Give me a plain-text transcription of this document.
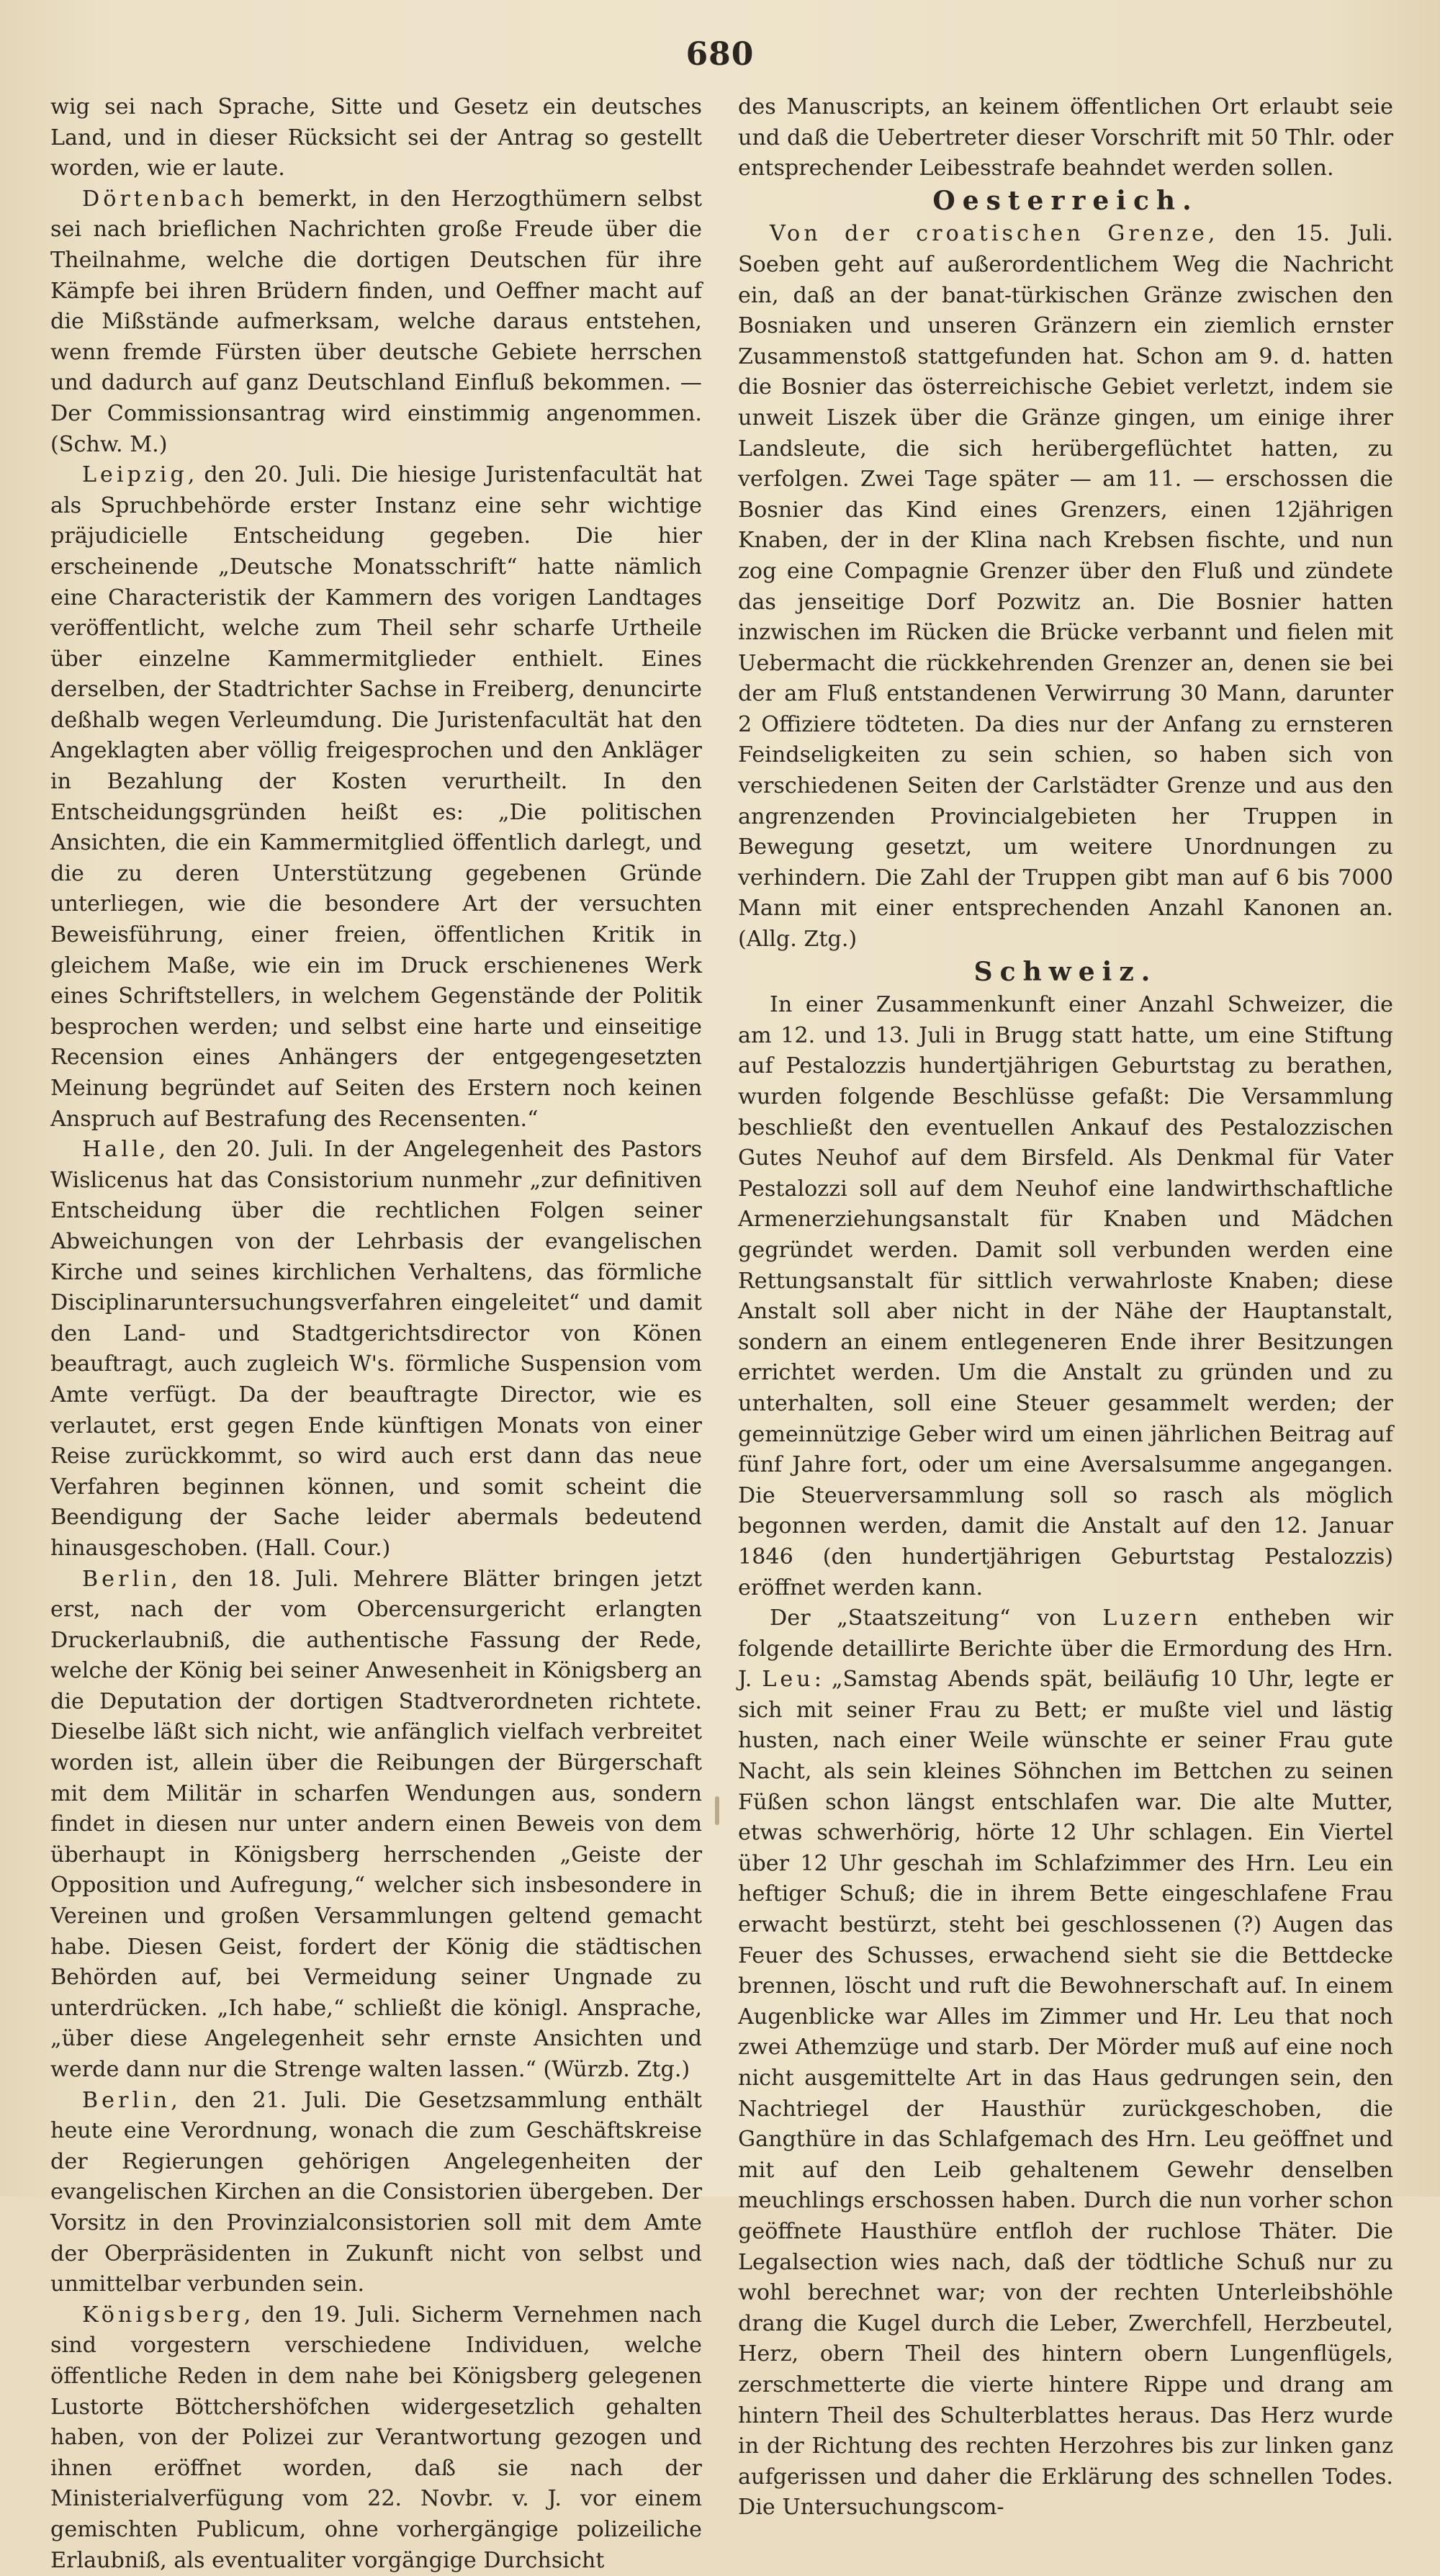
680

wig sei nach Sprache, Sitte und Gesetz ein deutsches Land, und in dieser Rücksicht sei der Antrag so gestellt worden, wie er laute.

Dörtenbach bemerkt, in den Herzogthümern selbst sei nach brieflichen Nachrichten große Freude über die Theilnahme, welche die dortigen Deutschen für ihre Kämpfe bei ihren Brüdern finden, und Oeffner macht auf die Mißstände aufmerksam, welche daraus entstehen, wenn fremde Fürsten über deutsche Gebiete herrschen und dadurch auf ganz Deutschland Einfluß bekommen. — Der Commissionsantrag wird einstimmig angenommen. (Schw. M.)

Leipzig, den 20. Juli. Die hiesige Juristenfacultät hat als Spruchbehörde erster Instanz eine sehr wichtige präjudicielle Entscheidung gegeben. Die hier erscheinende „Deutsche Monatsschrift“ hatte nämlich eine Characteristik der Kammern des vorigen Landtages veröffentlicht, welche zum Theil sehr scharfe Urtheile über einzelne Kammermitglieder enthielt. Eines derselben, der Stadtrichter Sachse in Freiberg, denuncirte deßhalb wegen Verleumdung. Die Juristenfacultät hat den Angeklagten aber völlig freigesprochen und den Ankläger in Bezahlung der Kosten verurtheilt. In den Entscheidungsgründen heißt es: „Die politischen Ansichten, die ein Kammermitglied öffentlich darlegt, und die zu deren Unterstützung gegebenen Gründe unterliegen, wie die besondere Art der versuchten Beweisführung, einer freien, öffentlichen Kritik in gleichem Maße, wie ein im Druck erschienenes Werk eines Schriftstellers, in welchem Gegenstände der Politik besprochen werden; und selbst eine harte und einseitige Recension eines Anhängers der entgegengesetzten Meinung begründet auf Seiten des Erstern noch keinen Anspruch auf Bestrafung des Recensenten.“

Halle, den 20. Juli. In der Angelegenheit des Pastors Wislicenus hat das Consistorium nunmehr „zur definitiven Entscheidung über die rechtlichen Folgen seiner Abweichungen von der Lehrbasis der evangelischen Kirche und seines kirchlichen Verhaltens, das förmliche Disciplinaruntersuchungsverfahren eingeleitet“ und damit den Land- und Stadtgerichtsdirector von Könen beauftragt, auch zugleich W's. förmliche Suspension vom Amte verfügt. Da der beauftragte Director, wie es verlautet, erst gegen Ende künftigen Monats von einer Reise zurückkommt, so wird auch erst dann das neue Verfahren beginnen können, und somit scheint die Beendigung der Sache leider abermals bedeutend hinausgeschoben. (Hall. Cour.)

Berlin, den 18. Juli. Mehrere Blätter bringen jetzt erst, nach der vom Obercensurgericht erlangten Druckerlaubniß, die authentische Fassung der Rede, welche der König bei seiner Anwesenheit in Königsberg an die Deputation der dortigen Stadtverordneten richtete. Dieselbe läßt sich nicht, wie anfänglich vielfach verbreitet worden ist, allein über die Reibungen der Bürgerschaft mit dem Militär in scharfen Wendungen aus, sondern findet in diesen nur unter andern einen Beweis von dem überhaupt in Königsberg herrschenden „Geiste der Opposition und Aufregung,“ welcher sich insbesondere in Vereinen und großen Versammlungen geltend gemacht habe. Diesen Geist, fordert der König die städtischen Behörden auf, bei Vermeidung seiner Ungnade zu unterdrücken. „Ich habe,“ schließt die königl. Ansprache, „über diese Angelegenheit sehr ernste Ansichten und werde dann nur die Strenge walten lassen.“ (Würzb. Ztg.)

Berlin, den 21. Juli. Die Gesetzsammlung enthält heute eine Verordnung, wonach die zum Geschäftskreise der Regierungen gehörigen Angelegenheiten der evangelischen Kirchen an die Consistorien übergeben. Der Vorsitz in den Provinzialconsistorien soll mit dem Amte der Oberpräsidenten in Zukunft nicht von selbst und unmittelbar verbunden sein.

Königsberg, den 19. Juli. Sicherm Vernehmen nach sind vorgestern verschiedene Individuen, welche öffentliche Reden in dem nahe bei Königsberg gelegenen Lustorte Böttchershöfchen widergesetzlich gehalten haben, von der Polizei zur Verantwortung gezogen und ihnen eröffnet worden, daß sie nach der Ministerialverfügung vom 22. Novbr. v. J. vor einem gemischten Publicum, ohne vorhergängige polizeiliche Erlaubniß, als eventualiter vorgängige Durchsicht

des Manuscripts, an keinem öffentlichen Ort erlaubt seie und daß die Uebertreter dieser Vorschrift mit 50 Thlr. oder entsprechender Leibesstrafe beahndet werden sollen.

Oesterreich.

Von der croatischen Grenze, den 15. Juli. Soeben geht auf außerordentlichem Weg die Nachricht ein, daß an der banat-türkischen Gränze zwischen den Bosniaken und unseren Gränzern ein ziemlich ernster Zusammenstoß stattgefunden hat. Schon am 9. d. hatten die Bosnier das österreichische Gebiet verletzt, indem sie unweit Liszek über die Gränze gingen, um einige ihrer Landsleute, die sich herübergeflüchtet hatten, zu verfolgen. Zwei Tage später — am 11. — erschossen die Bosnier das Kind eines Grenzers, einen 12jährigen Knaben, der in der Klina nach Krebsen fischte, und nun zog eine Compagnie Grenzer über den Fluß und zündete das jenseitige Dorf Pozwitz an. Die Bosnier hatten inzwischen im Rücken die Brücke verbannt und fielen mit Uebermacht die rückkehrenden Grenzer an, denen sie bei der am Fluß entstandenen Verwirrung 30 Mann, darunter 2 Offiziere tödteten. Da dies nur der Anfang zu ernsteren Feindseligkeiten zu sein schien, so haben sich von verschiedenen Seiten der Carlstädter Grenze und aus den angrenzenden Provincialgebieten her Truppen in Bewegung gesetzt, um weitere Unordnungen zu verhindern. Die Zahl der Truppen gibt man auf 6 bis 7000 Mann mit einer entsprechenden Anzahl Kanonen an. (Allg. Ztg.)

Schweiz.

In einer Zusammenkunft einer Anzahl Schweizer, die am 12. und 13. Juli in Brugg statt hatte, um eine Stiftung auf Pestalozzis hundertjährigen Geburtstag zu berathen, wurden folgende Beschlüsse gefaßt: Die Versammlung beschließt den eventuellen Ankauf des Pestalozzischen Gutes Neuhof auf dem Birsfeld. Als Denkmal für Vater Pestalozzi soll auf dem Neuhof eine landwirthschaftliche Armenerziehungsanstalt für Knaben und Mädchen gegründet werden. Damit soll verbunden werden eine Rettungsanstalt für sittlich verwahrloste Knaben; diese Anstalt soll aber nicht in der Nähe der Hauptanstalt, sondern an einem entlegeneren Ende ihrer Besitzungen errichtet werden. Um die Anstalt zu gründen und zu unterhalten, soll eine Steuer gesammelt werden; der gemeinnützige Geber wird um einen jährlichen Beitrag auf fünf Jahre fort, oder um eine Aversalsumme angegangen. Die Steuerversammlung soll so rasch als möglich begonnen werden, damit die Anstalt auf den 12. Januar 1846 (den hundertjährigen Geburtstag Pestalozzis) eröffnet werden kann.

Der „Staatszeitung“ von Luzern entheben wir folgende detaillirte Berichte über die Ermordung des Hrn. J. Leu: „Samstag Abends spät, beiläufig 10 Uhr, legte er sich mit seiner Frau zu Bett; er mußte viel und lästig husten, nach einer Weile wünschte er seiner Frau gute Nacht, als sein kleines Söhnchen im Bettchen zu seinen Füßen schon längst entschlafen war. Die alte Mutter, etwas schwerhörig, hörte 12 Uhr schlagen. Ein Viertel über 12 Uhr geschah im Schlafzimmer des Hrn. Leu ein heftiger Schuß; die in ihrem Bette eingeschlafene Frau erwacht bestürzt, steht bei geschlossenen (?) Augen das Feuer des Schusses, erwachend sieht sie die Bettdecke brennen, löscht und ruft die Bewohnerschaft auf. In einem Augenblicke war Alles im Zimmer und Hr. Leu that noch zwei Athemzüge und starb. Der Mörder muß auf eine noch nicht ausgemittelte Art in das Haus gedrungen sein, den Nachtriegel der Hausthür zurückgeschoben, die Gangthüre in das Schlafgemach des Hrn. Leu geöffnet und mit auf den Leib gehaltenem Gewehr denselben meuchlings erschossen haben. Durch die nun vorher schon geöffnete Hausthüre entfloh der ruchlose Thäter. Die Legalsection wies nach, daß der tödtliche Schuß nur zu wohl berechnet war; von der rechten Unterleibshöhle drang die Kugel durch die Leber, Zwerchfell, Herzbeutel, Herz, obern Theil des hintern obern Lungenflügels, zerschmetterte die vierte hintere Rippe und drang am hintern Theil des Schulterblattes heraus. Das Herz wurde in der Richtung des rechten Herzohres bis zur linken ganz aufgerissen und daher die Erklärung des schnellen Todes. Die Untersuchungscom-
